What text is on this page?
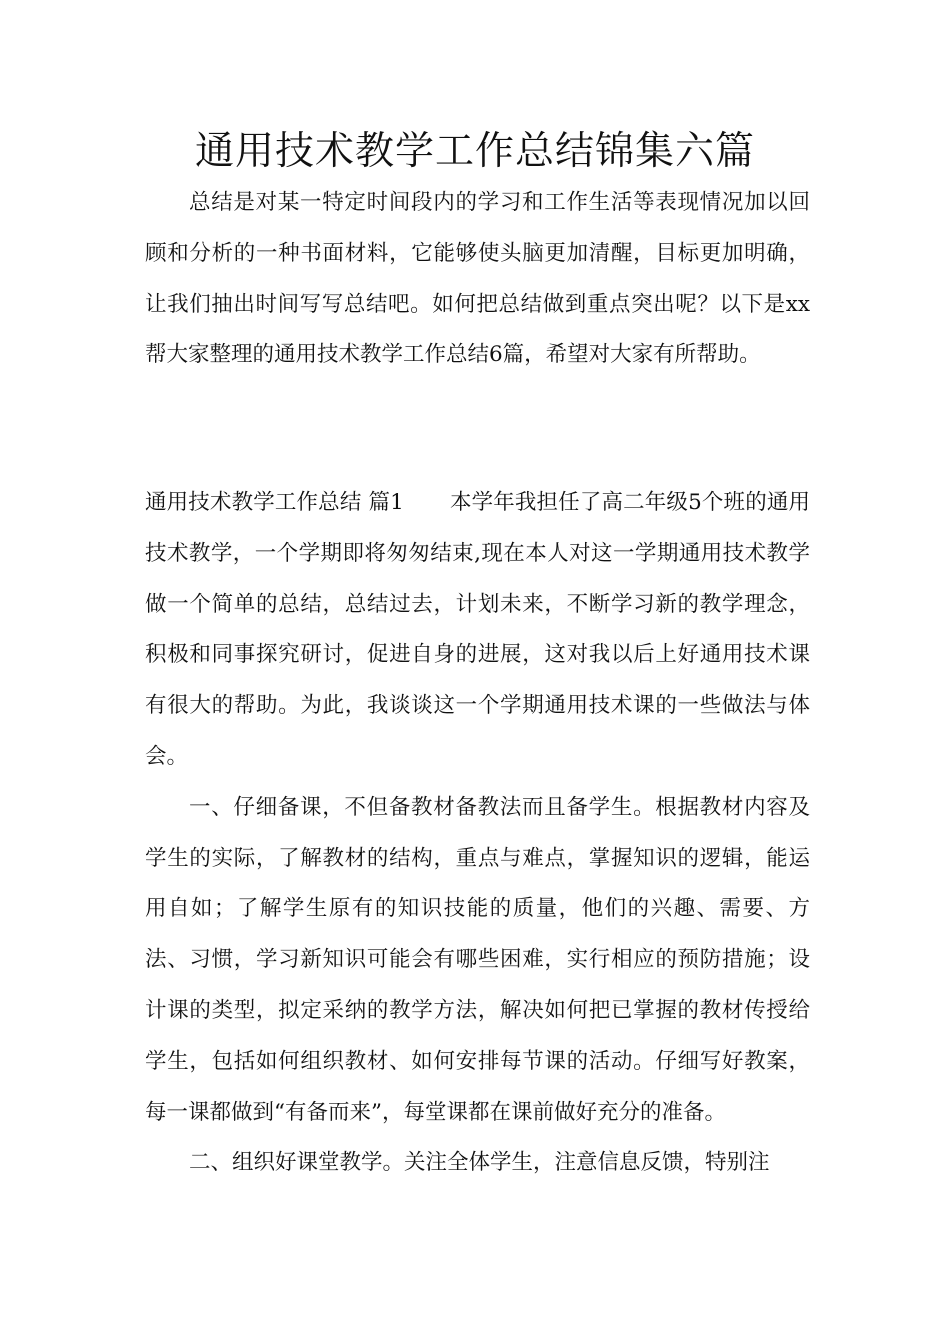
通用技术教学工作总结锦集六篇

总结是对某一特定时间段内的学习和工作生活等表现情况加以回顾和分析的一种书面材料，它能够使头脑更加清醒，目标更加明确，让我们抽出时间写写总结吧。如何把总结做到重点突出呢？以下是xx帮大家整理的通用技术教学工作总结6篇，希望对大家有所帮助。

通用技术教学工作总结 篇1 本学年我担任了高二年级5个班的通用技术教学，一个学期即将匆匆结束,现在本人对这一学期通用技术教学做一个简单的总结，总结过去，计划未来，不断学习新的教学理念，积极和同事探究研讨，促进自身的进展，这对我以后上好通用技术课有很大的帮助。为此，我谈谈这一个学期通用技术课的一些做法与体会。

一、仔细备课，不但备教材备教法而且备学生。根据教材内容及学生的实际，了解教材的结构，重点与难点，掌握知识的逻辑，能运用自如；了解学生原有的知识技能的质量，他们的兴趣、需要、方法、习惯，学习新知识可能会有哪些困难，实行相应的预防措施；设计课的类型，拟定采纳的教学方法，解决如何把已掌握的教材传授给学生，包括如何组织教材、如何安排每节课的活动。仔细写好教案，每一课都做到“有备而来”，每堂课都在课前做好充分的准备。

二、组织好课堂教学。关注全体学生，注意信息反馈，特别注
